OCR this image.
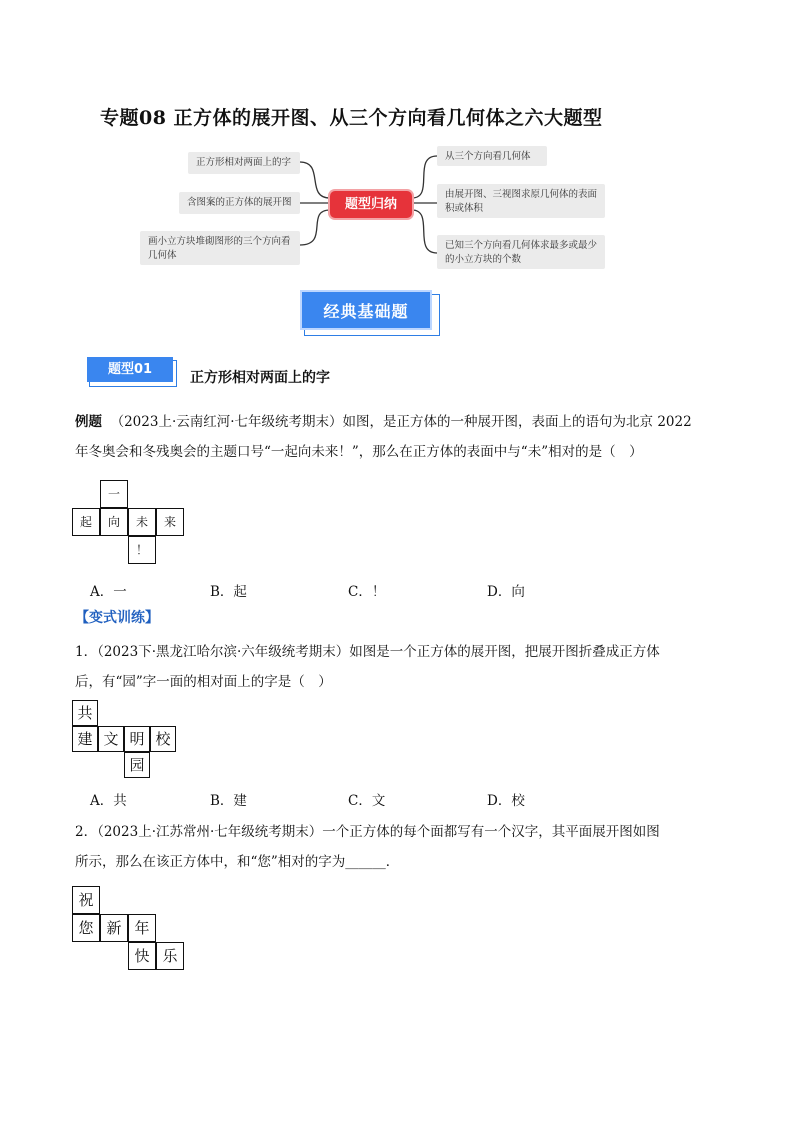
专题08 正方体的展开图、从三个方向看几何体之六大题型
正方形相对两面上的字
含图案的正方体的展开图
画小立方块堆砌图形的三个方向看几何体
题型归纳
从三个方向看几何体
由展开图、三视图求原几何体的表面积或体积
已知三个方向看几何体求最多或最少的小立方块的个数
经典基础题
题型01
正方形相对两面上的字
例题 （2023上·云南红河·七年级统考期末）如图，是正方体的一种展开图，表面上的语句为北京 2022
年冬奥会和冬残奥会的主题口号“一起向未来！”，那么在正方体的表面中与“未”相对的是（　）
一
起	向	未	来
！
A．一	B．起	C．！	D．向
【变式训练】
1．（2023下·黑龙江哈尔滨·六年级统考期末）如图是一个正方体的展开图，把展开图折叠成正方体
后，有“园”字一面的相对面上的字是（　）
共
建 文 明 校
园
A．共	B．建	C．文	D．校
2．（2023上·江苏常州·七年级统考期末）一个正方体的每个面都写有一个汉字，其平面展开图如图
所示，那么在该正方体中，和“您”相对的字为______．
祝
您 新 年
快 乐
